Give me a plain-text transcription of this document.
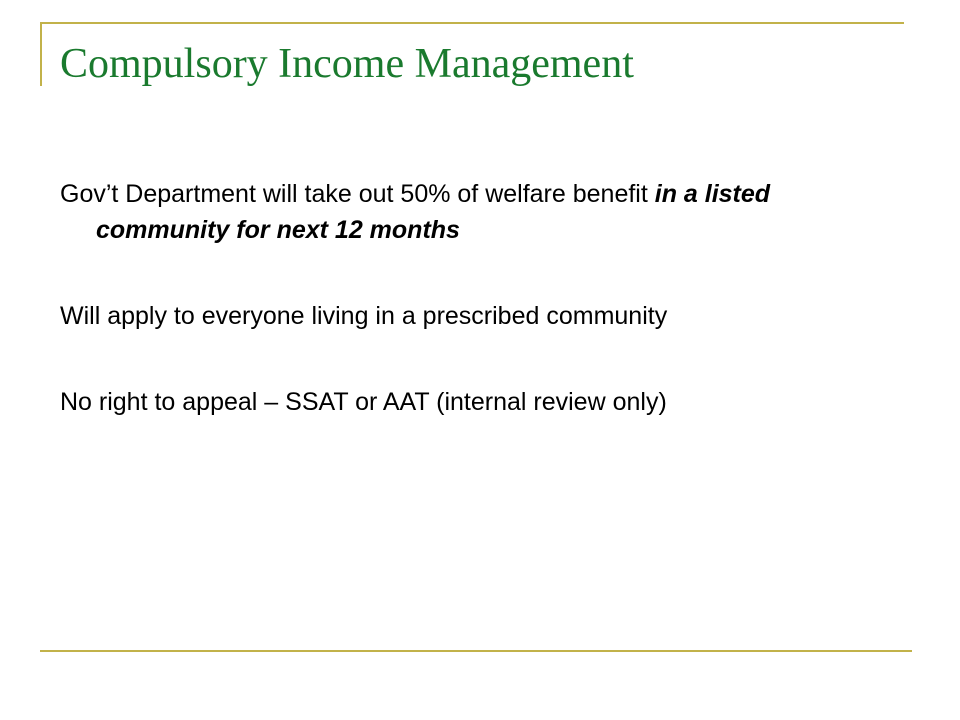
Compulsory Income Management
Gov’t Department will take out 50% of welfare benefit in a listed community for next 12 months
Will apply to everyone living in a prescribed community
No right to appeal – SSAT or AAT (internal review only)
